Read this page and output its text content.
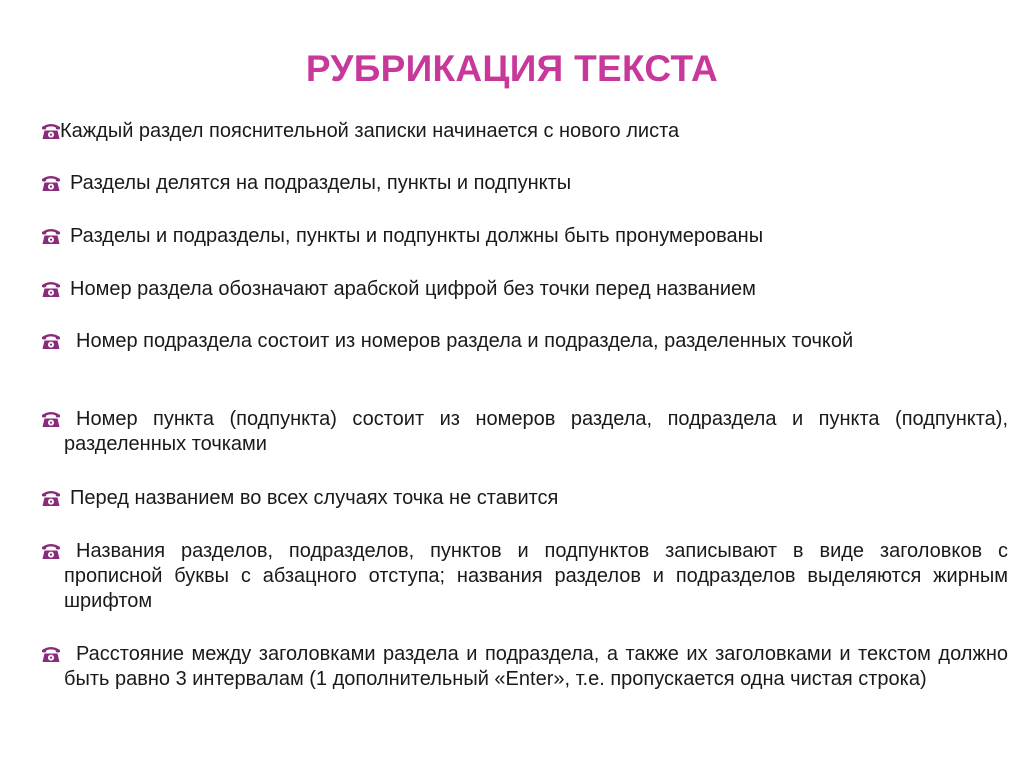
РУБРИКАЦИЯ ТЕКСТА
Каждый раздел пояснительной записки начинается с нового листа
Разделы делятся на подразделы, пункты и подпункты
Разделы и подразделы, пункты и подпункты должны быть пронумерованы
Номер раздела обозначают арабской цифрой без точки перед названием
Номер подраздела состоит из номеров раздела и подраздела, разделенных точкой
Номер пункта (подпункта) состоит из номеров раздела, подраздела и пункта (подпункта), разделенных точками
Перед названием во всех случаях точка не ставится
Названия разделов, подразделов, пунктов и подпунктов записывают в виде заголовков с прописной буквы с абзацного отступа; названия разделов и подразделов выделяются жирным шрифтом
Расстояние между заголовками раздела и подраздела, а также их заголовками и текстом должно быть равно 3 интервалам (1 дополнительный «Enter», т.е. пропускается одна чистая строка)
